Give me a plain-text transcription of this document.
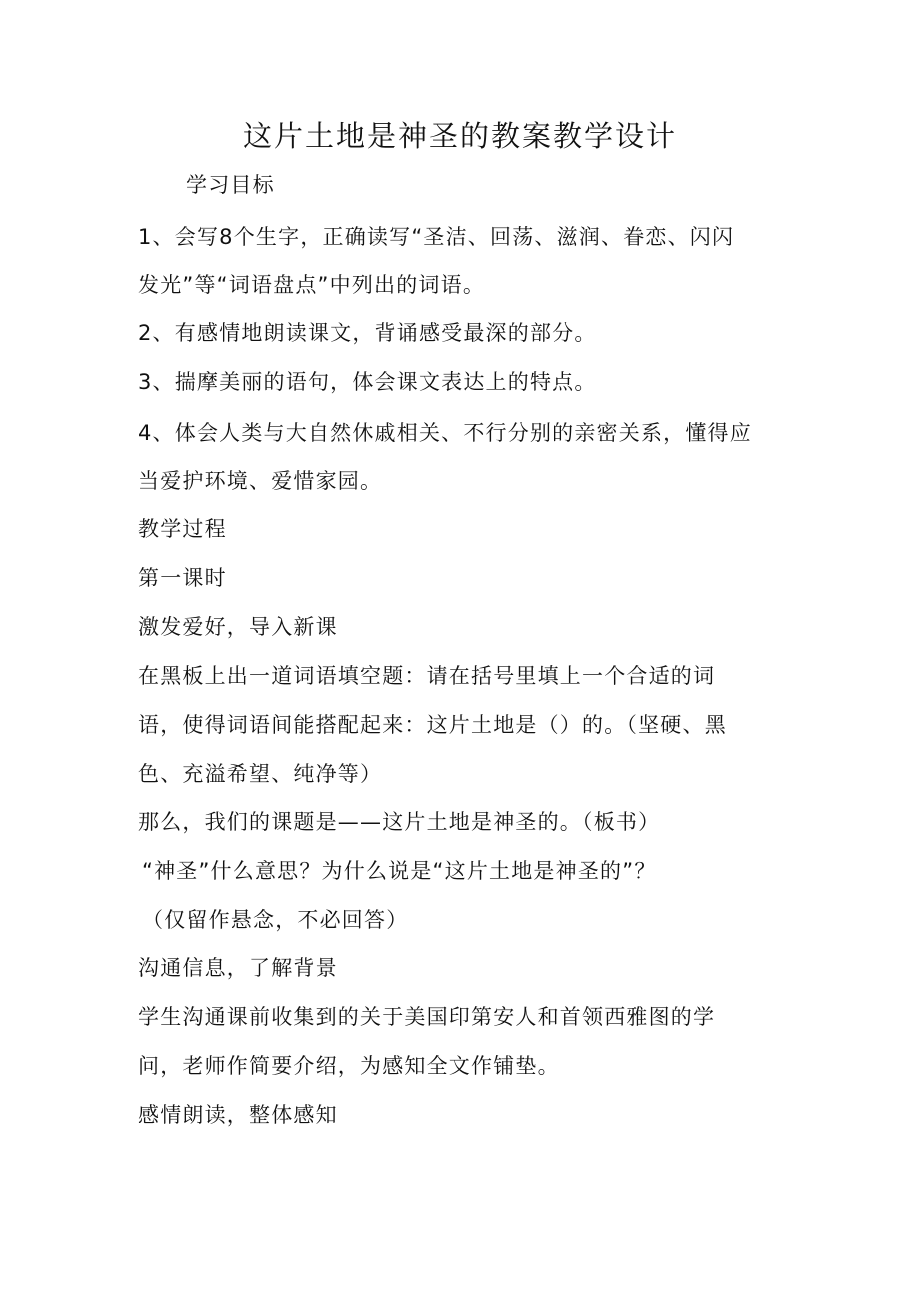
这片土地是神圣的教案教学设计

学习目标

1、会写8个生字，正确读写“圣洁、回荡、滋润、眷恋、闪闪

发光”等“词语盘点”中列出的词语。

2、有感情地朗读课文，背诵感受最深的部分。

3、揣摩美丽的语句，体会课文表达上的特点。

4、体会人类与大自然休戚相关、不行分别的亲密关系，懂得应

当爱护环境、爱惜家园。

教学过程

第一课时

激发爱好，导入新课

在黑板上出一道词语填空题：请在括号里填上一个合适的词

语，使得词语间能搭配起来：这片土地是（）的。（坚硬、黑

色、充溢希望、纯净等）

那么，我们的课题是——这片土地是神圣的。（板书）

“神圣”什么意思？为什么说是“这片土地是神圣的”？

（仅留作悬念，不必回答）

沟通信息，了解背景

学生沟通课前收集到的关于美国印第安人和首领西雅图的学

问，老师作简要介绍，为感知全文作铺垫。

感情朗读，整体感知
